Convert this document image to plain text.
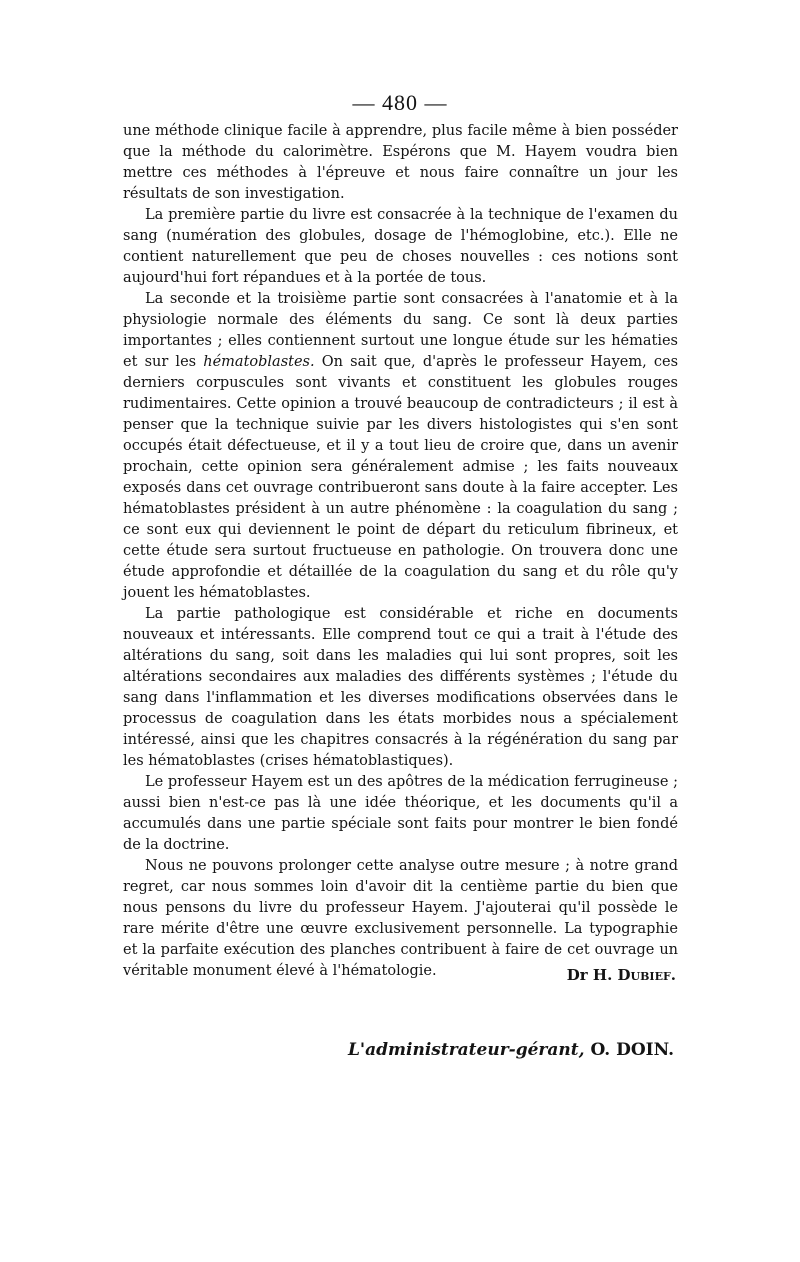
— 480 —

une méthode clinique facile à apprendre, plus facile même à bien posséder que la méthode du calorimètre. Espérons que M. Hayem voudra bien mettre ces méthodes à l'épreuve et nous faire connaître un jour les résultats de son investigation.

La première partie du livre est consacrée à la technique de l'examen du sang (numération des globules, dosage de l'hémoglobine, etc.). Elle ne contient naturellement que peu de choses nouvelles : ces notions sont aujourd'hui fort répandues et à la portée de tous.

La seconde et la troisième partie sont consacrées à l'anatomie et à la physiologie normale des éléments du sang. Ce sont là deux parties importantes ; elles contiennent surtout une longue étude sur les hématies et sur les hématoblastes. On sait que, d'après le professeur Hayem, ces derniers corpuscules sont vivants et constituent les globules rouges rudimentaires. Cette opinion a trouvé beaucoup de contradicteurs ; il est à penser que la technique suivie par les divers histologistes qui s'en sont occupés était défectueuse, et il y a tout lieu de croire que, dans un avenir prochain, cette opinion sera généralement admise ; les faits nouveaux exposés dans cet ouvrage contribueront sans doute à la faire accepter. Les hématoblastes président à un autre phénomène : la coagulation du sang ; ce sont eux qui deviennent le point de départ du reticulum fibrineux, et cette étude sera surtout fructueuse en pathologie. On trouvera donc une étude approfondie et détaillée de la coagulation du sang et du rôle qu'y jouent les hématoblastes.

La partie pathologique est considérable et riche en documents nouveaux et intéressants. Elle comprend tout ce qui a trait à l'étude des altérations du sang, soit dans les maladies qui lui sont propres, soit les altérations secondaires aux maladies des différents systèmes ; l'étude du sang dans l'inflammation et les diverses modifications observées dans le processus de coagulation dans les états morbides nous a spécialement intéressé, ainsi que les chapitres consacrés à la régénération du sang par les hématoblastes (crises hématoblastiques).

Le professeur Hayem est un des apôtres de la médication ferrugineuse ; aussi bien n'est-ce pas là une idée théorique, et les documents qu'il a accumulés dans une partie spéciale sont faits pour montrer le bien fondé de la doctrine.

Nous ne pouvons prolonger cette analyse outre mesure ; à notre grand regret, car nous sommes loin d'avoir dit la centième partie du bien que nous pensons du livre du professeur Hayem. J'ajouterai qu'il possède le rare mérite d'être une œuvre exclusivement personnelle. La typographie et la parfaite exécution des planches contribuent à faire de cet ouvrage un véritable monument élevé à l'hématologie.	Dr H. Dubief.
L'administrateur-gérant, O. DOIN.
